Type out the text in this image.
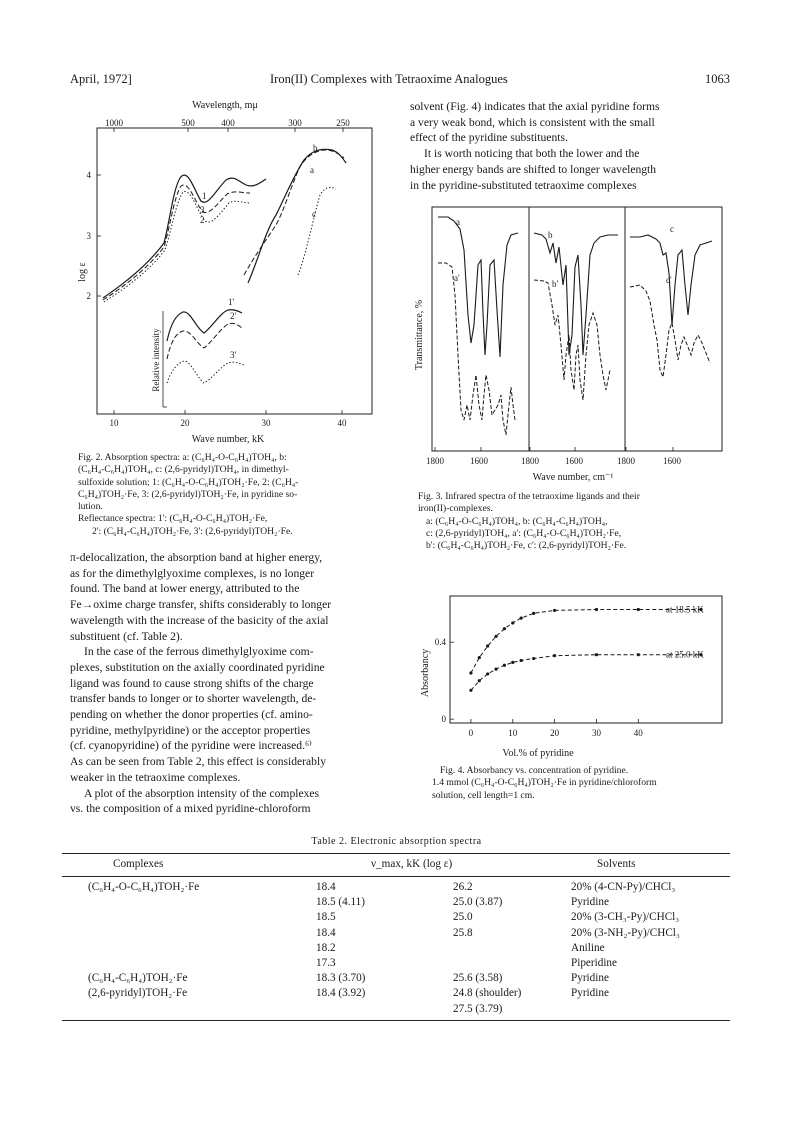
April, 1972]	Iron(II) Complexes with Tetraoxime Analogues	1063
Wavelength, mμ
1000	500	400	300	250
4
3
2
log ε
10	20	30	40
Wave number, kK
1
2
3
a
b
c
Relative intensity
1'
2'
3'
Fig. 2. Absorption spectra: a: (C₆H₄-O-C₆H₄)TOH₄, b:
(C₆H₄-C₆H₄)TOH₄, c: (2,6-pyridyl)TOH₄, in dimethyl-
sulfoxide solution; 1: (C₆H₄-O-C₆H₄)TOH₂·Fe, 2: (C₆H₄-
C₆H₄)TOH₂·Fe, 3: (2,6-pyridyl)TOH₂·Fe, in pyridine so-
lution.
Reflectance spectra: 1': (C₆H₄-O-C₆H₄)TOH₂·Fe,
2': (C₆H₄-C₆H₄)TOH₂·Fe, 3': (2,6-pyridyl)TOH₂·Fe.

π-delocalization, the absorption band at higher energy,

as for the dimethylglyoxime complexes, is no longer

found. The band at lower energy, attributed to the

Fe→oxime charge transfer, shifts considerably to longer

wavelength with the increase of the basicity of the axial

substituent (cf. Table 2).

In the case of the ferrous dimethylglyoxime com-

plexes, substitution on the axially coordinated pyridine

ligand was found to cause strong shifts of the charge

transfer bands to longer or to shorter wavelength, de-

pending on whether the donor properties (cf. amino-

pyridine, methylpyridine) or the acceptor properties

(cf. cyanopyridine) of the pyridine were increased.⁶⁾

As can be seen from Table 2, this effect is considerably

weaker in the tetraoxime complexes.

A plot of the absorption intensity of the complexes

vs. the composition of a mixed pyridine-chloroform

solvent (Fig. 4) indicates that the axial pyridine forms

a very weak bond, which is consistent with the small

effect of the pyridine substituents.

It is worth noticing that both the lower and the

higher energy bands are shifted to longer wavelength

in the pyridine-substituted tetraoxime complexes

Transmittance, %
1800	1600	1800	1600	1800	1600
Wave number, cm⁻¹
a
a'
b
b'
c
c'
Fig. 3. Infrared spectra of the tetraoxime ligands and their
iron(II)-complexes.
a: (C₆H₄-O-C₆H₄)TOH₄, b: (C₆H₄-C₆H₄)TOH₄,
c: (2,6-pyridyl)TOH₄, a': (C₆H₄-O-C₆H₄)TOH₂·Fe,
b': (C₆H₄-C₆H₄)TOH₂·Fe, c': (2,6-pyridyl)TOH₂·Fe.
0	10	20	30	40
0.4
0
at 18.5 kK
at 25.0 kK
Absorbancy
Vol.% of pyridine
Fig. 4. Absorbancy vs. concentration of pyridine.
1.4 mmol (C₆H₄-O-C₆H₄)TOH₂·Fe in pyridine/chloroform
solution, cell length=1 cm.
Table 2. Electronic absorption spectra
Complexes	ν_max, kK (log ε)	Solvents
	(C₆H₄-O-C₆H₄)TOH₂·Fe	18.4	26.2	20% (4-CN-Py)/CHCl₃
		18.5 (4.11)	25.0 (3.87)	Pyridine
		18.5	25.0	20% (3-CH₃-Py)/CHCl₃
		18.4	25.8	20% (3-NH₂-Py)/CHCl₃
		18.2		Aniline
		17.3		Piperidine
	(C₆H₄-C₆H₄)TOH₂·Fe	18.3 (3.70)	25.6 (3.58)	Pyridine
	(2,6-pyridyl)TOH₂·Fe	18.4 (3.92)	24.8 (shoulder)	Pyridine
			27.5 (3.79)	
